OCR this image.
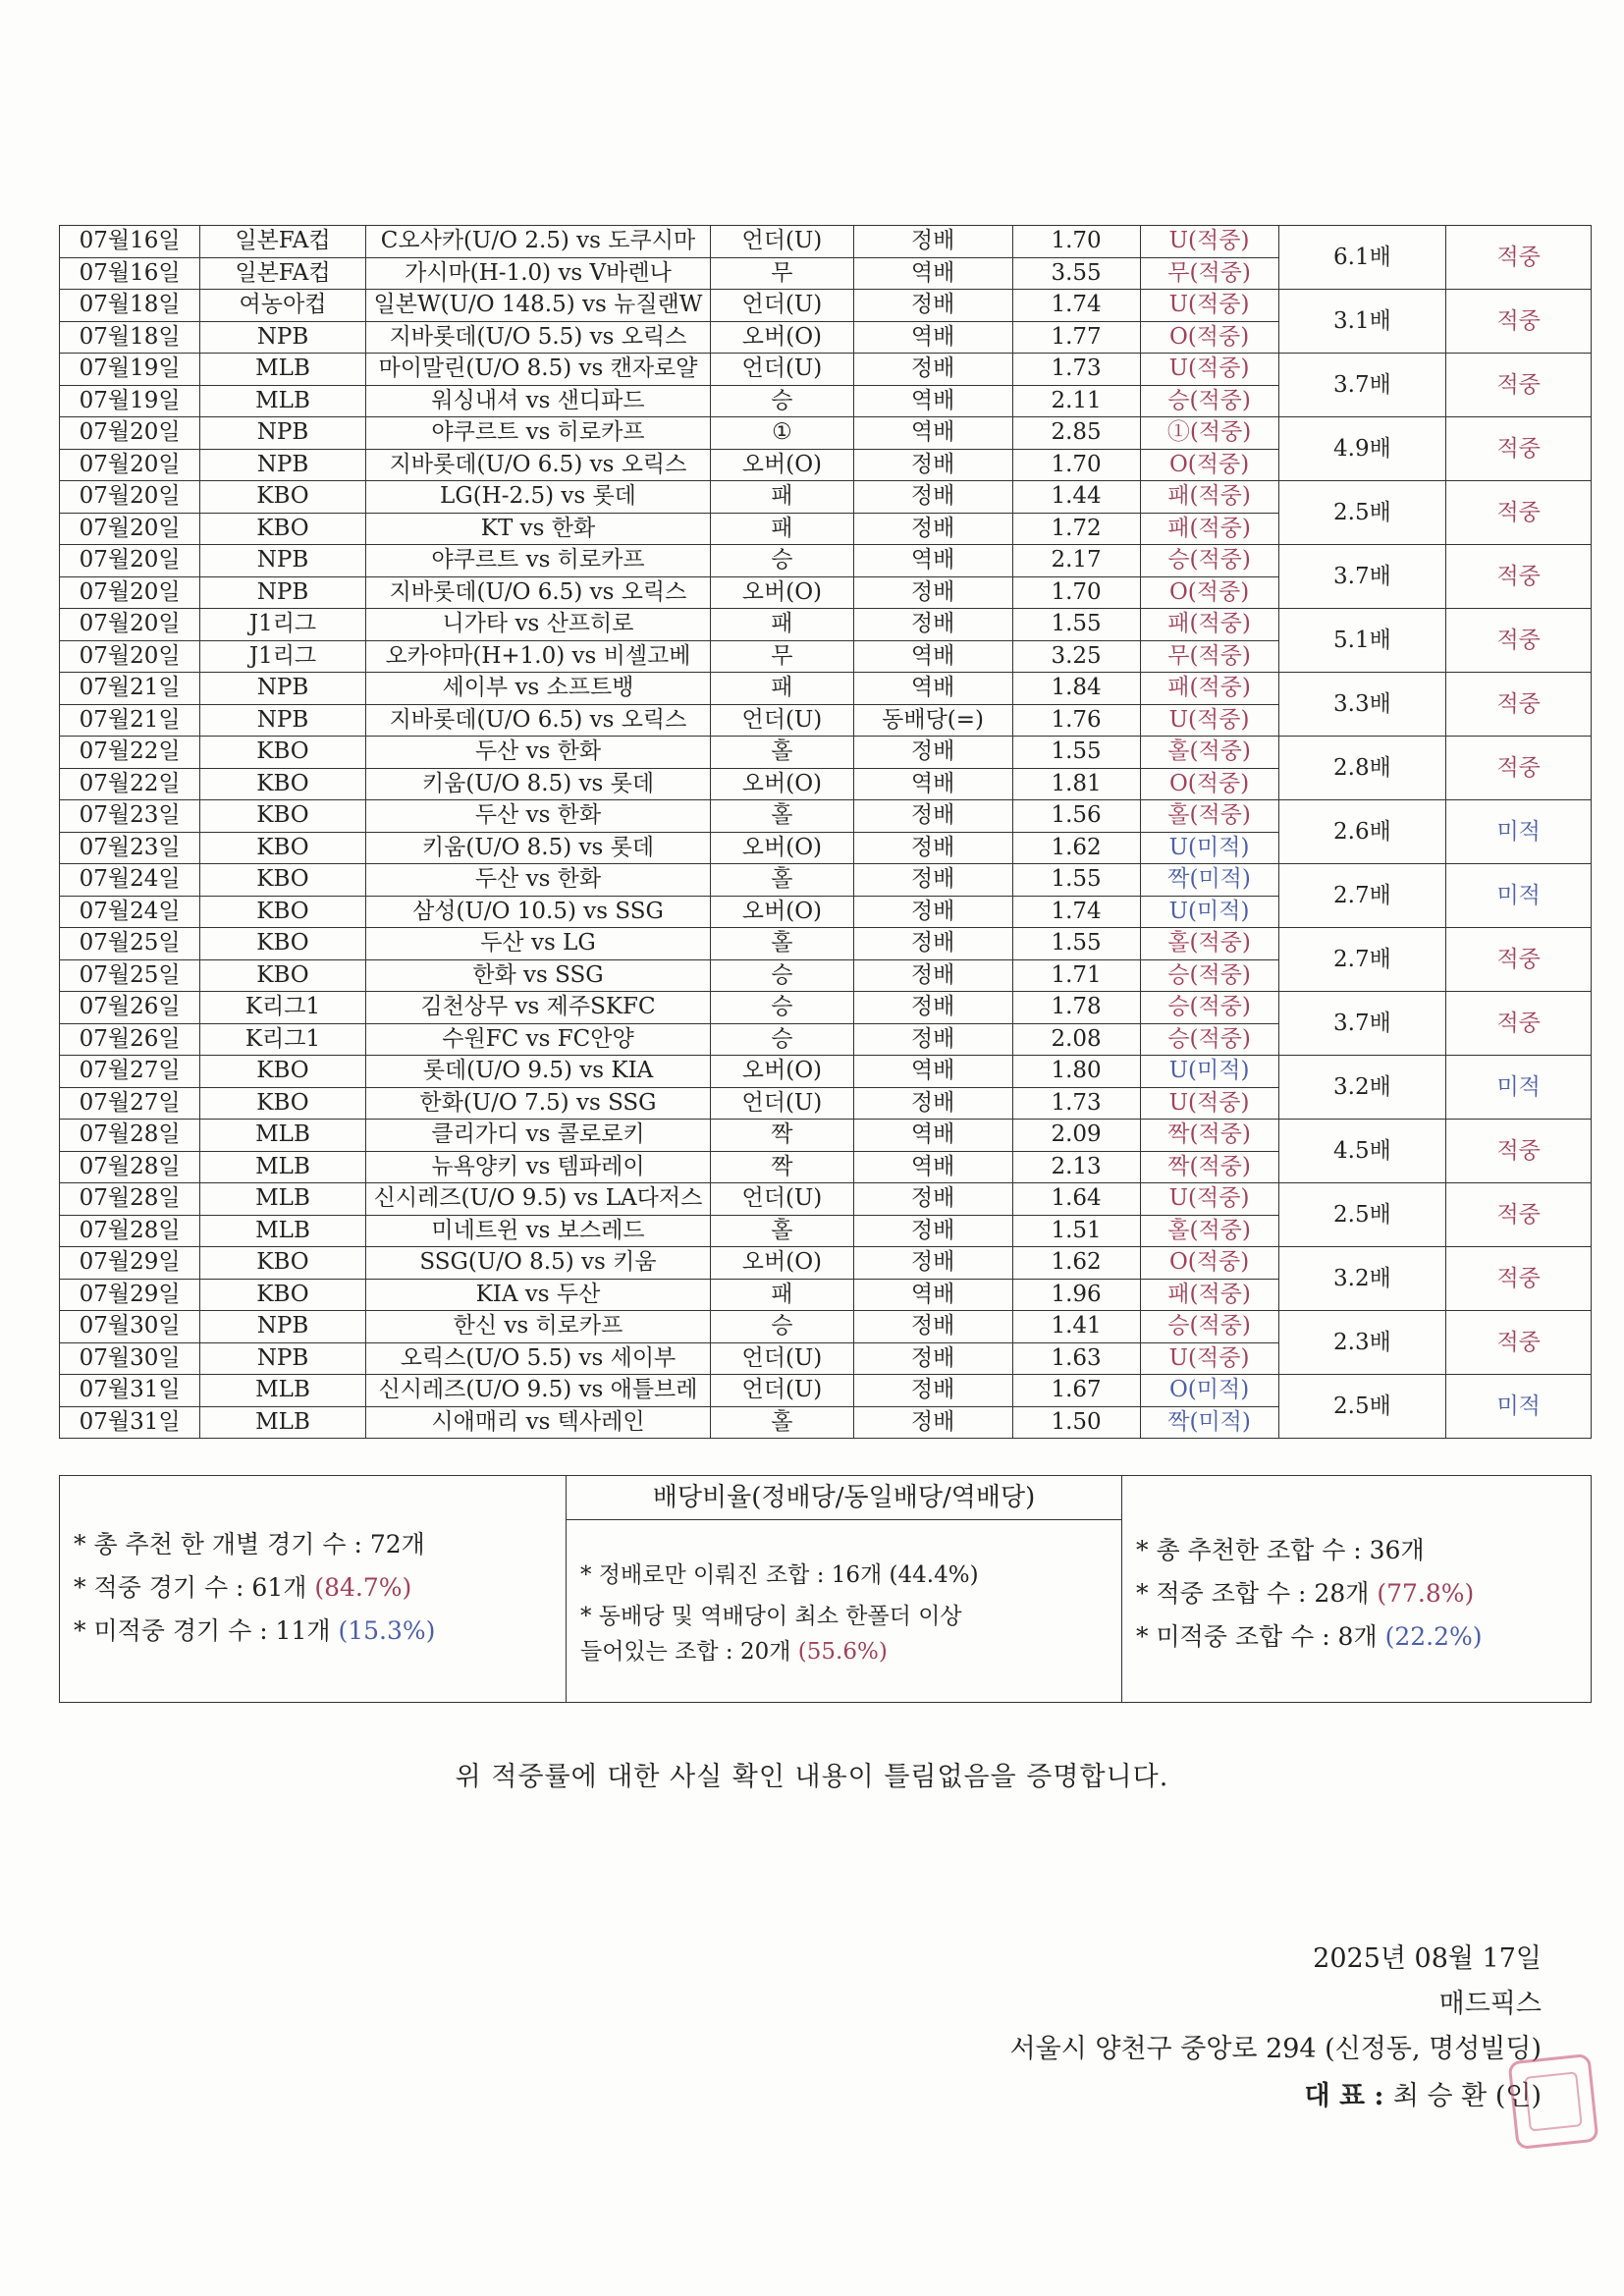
07월16일	일본FA컵	C오사카(U/O 2.5) vs 도쿠시마	언더(U)	정배	1.70	U(적중)	6.1배	적중
07월16일	일본FA컵	가시마(H-1.0) vs V바렌나	무	역배	3.55	무(적중)		
07월18일	여농아컵	일본W(U/O 148.5) vs 뉴질랜W	언더(U)	정배	1.74	U(적중)	3.1배	적중
07월18일	NPB	지바롯데(U/O 5.5) vs 오릭스	오버(O)	역배	1.77	O(적중)		
07월19일	MLB	마이말린(U/O 8.5) vs 캔자로얄	언더(U)	정배	1.73	U(적중)	3.7배	적중
07월19일	MLB	워싱내셔 vs 샌디파드	승	역배	2.11	승(적중)		
07월20일	NPB	야쿠르트 vs 히로카프	①	역배	2.85	①(적중)	4.9배	적중
07월20일	NPB	지바롯데(U/O 6.5) vs 오릭스	오버(O)	정배	1.70	O(적중)		
07월20일	KBO	LG(H-2.5) vs 롯데	패	정배	1.44	패(적중)	2.5배	적중
07월20일	KBO	KT vs 한화	패	정배	1.72	패(적중)		
07월20일	NPB	야쿠르트 vs 히로카프	승	역배	2.17	승(적중)	3.7배	적중
07월20일	NPB	지바롯데(U/O 6.5) vs 오릭스	오버(O)	정배	1.70	O(적중)		
07월20일	J1리그	니가타 vs 산프히로	패	정배	1.55	패(적중)	5.1배	적중
07월20일	J1리그	오카야마(H+1.0) vs 비셀고베	무	역배	3.25	무(적중)		
07월21일	NPB	세이부 vs 소프트뱅	패	역배	1.84	패(적중)	3.3배	적중
07월21일	NPB	지바롯데(U/O 6.5) vs 오릭스	언더(U)	동배당(=)	1.76	U(적중)		
07월22일	KBO	두산 vs 한화	홀	정배	1.55	홀(적중)	2.8배	적중
07월22일	KBO	키움(U/O 8.5) vs 롯데	오버(O)	역배	1.81	O(적중)		
07월23일	KBO	두산 vs 한화	홀	정배	1.56	홀(적중)	2.6배	미적
07월23일	KBO	키움(U/O 8.5) vs 롯데	오버(O)	정배	1.62	U(미적)		
07월24일	KBO	두산 vs 한화	홀	정배	1.55	짝(미적)	2.7배	미적
07월24일	KBO	삼성(U/O 10.5) vs SSG	오버(O)	정배	1.74	U(미적)		
07월25일	KBO	두산 vs LG	홀	정배	1.55	홀(적중)	2.7배	적중
07월25일	KBO	한화 vs SSG	승	정배	1.71	승(적중)		
07월26일	K리그1	김천상무 vs 제주SKFC	승	정배	1.78	승(적중)	3.7배	적중
07월26일	K리그1	수원FC vs FC안양	승	정배	2.08	승(적중)		
07월27일	KBO	롯데(U/O 9.5) vs KIA	오버(O)	역배	1.80	U(미적)	3.2배	미적
07월27일	KBO	한화(U/O 7.5) vs SSG	언더(U)	정배	1.73	U(적중)		
07월28일	MLB	클리가디 vs 콜로로키	짝	역배	2.09	짝(적중)	4.5배	적중
07월28일	MLB	뉴욕양키 vs 템파레이	짝	역배	2.13	짝(적중)		
07월28일	MLB	신시레즈(U/O 9.5) vs LA다저스	언더(U)	정배	1.64	U(적중)	2.5배	적중
07월28일	MLB	미네트윈 vs 보스레드	홀	정배	1.51	홀(적중)		
07월29일	KBO	SSG(U/O 8.5) vs 키움	오버(O)	정배	1.62	O(적중)	3.2배	적중
07월29일	KBO	KIA vs 두산	패	역배	1.96	패(적중)		
07월30일	NPB	한신 vs 히로카프	승	정배	1.41	승(적중)	2.3배	적중
07월30일	NPB	오릭스(U/O 5.5) vs 세이부	언더(U)	정배	1.63	U(적중)		
07월31일	MLB	신시레즈(U/O 9.5) vs 애틀브레	언더(U)	정배	1.67	O(미적)	2.5배	미적
07월31일	MLB	시애매리 vs 텍사레인	홀	정배	1.50	짝(미적)		
* 총 추천 한 개별 경기 수 : 72개
* 적중 경기 수 : 61개 (84.7%)
* 미적중 경기 수 : 11개 (15.3%)
배당비율(정배당/동일배당/역배당)
* 정배로만 이뤄진 조합 : 16개 (44.4%)
* 동배당 및 역배당이 최소 한폴더 이상
들어있는 조합 : 20개 (55.6%)
* 총 추천한 조합 수 : 36개
* 적중 조합 수 : 28개 (77.8%)
* 미적중 조합 수 : 8개 (22.2%)
위 적중률에 대한 사실 확인 내용이 틀림없음을 증명합니다.
2025년 08월 17일
매드픽스
서울시 양천구 중앙로 294 (신정동, 명성빌딩)
대 표 : 최 승 환 (인)
